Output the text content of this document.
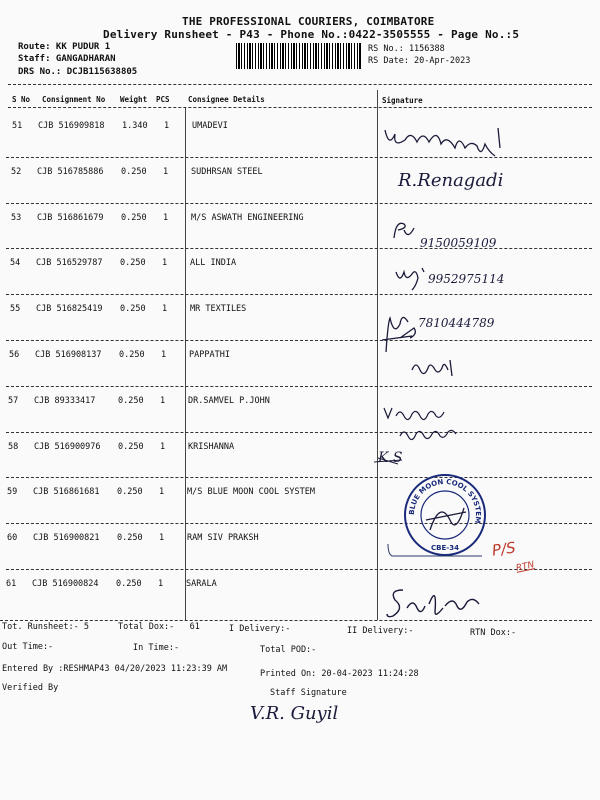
THE PROFESSIONAL COURIERS, COIMBATORE
Delivery Runsheet - P43 - Phone No.:0422-3505555 - Page No.:5
Route: KK PUDUR 1
Staff: GANGADHARAN
DRS No.: DCJB115638805
RS No.: 1156388
RS Date: 20-Apr-2023
S No Consignment No Weight PCS Consignee Details	Signature
51 CJB 516909818 1.340 1	UMADEVI
52 CJB 516785886 0.250 1	SUDHRSAN STEEL
53 CJB 516861679 0.250 1	M/S ASWATH ENGINEERING
54 CJB 516529787 0.250 1	ALL INDIA
55 CJB 516825419 0.250 1	MR TEXTILES
56 CJB 516908137 0.250 1	PAPPATHI
57 CJB 89333417	0.250 1	DR.SAMVEL P.JOHN
58 CJB 516900976 0.250 1	KRISHANNA
59 CJB 516861681 0.250 1	M/S BLUE MOON COOL SYSTEM
60 CJB 516900821 0.250 1	RAM SIV PRAKSH
61 CJB 516900824 0.250 1	SARALA
R.Renagadi
9150059109
9952975114
7810444789
K.S
BLUE MOON COOL SYSTEM
CBE-34 P/S
RTN
Tot. Runsheet:- 5	Total Dox:-   61	I Delivery:-	II Delivery:-	RTN Dox:-
Out Time:-	In Time:-	Total POD:-
Entered By :RESHMAP43 04/20/2023 11:23:39 AM	Printed On: 20-04-2023 11:24:28
Verified By	Staff Signature
V.R. Guyil
